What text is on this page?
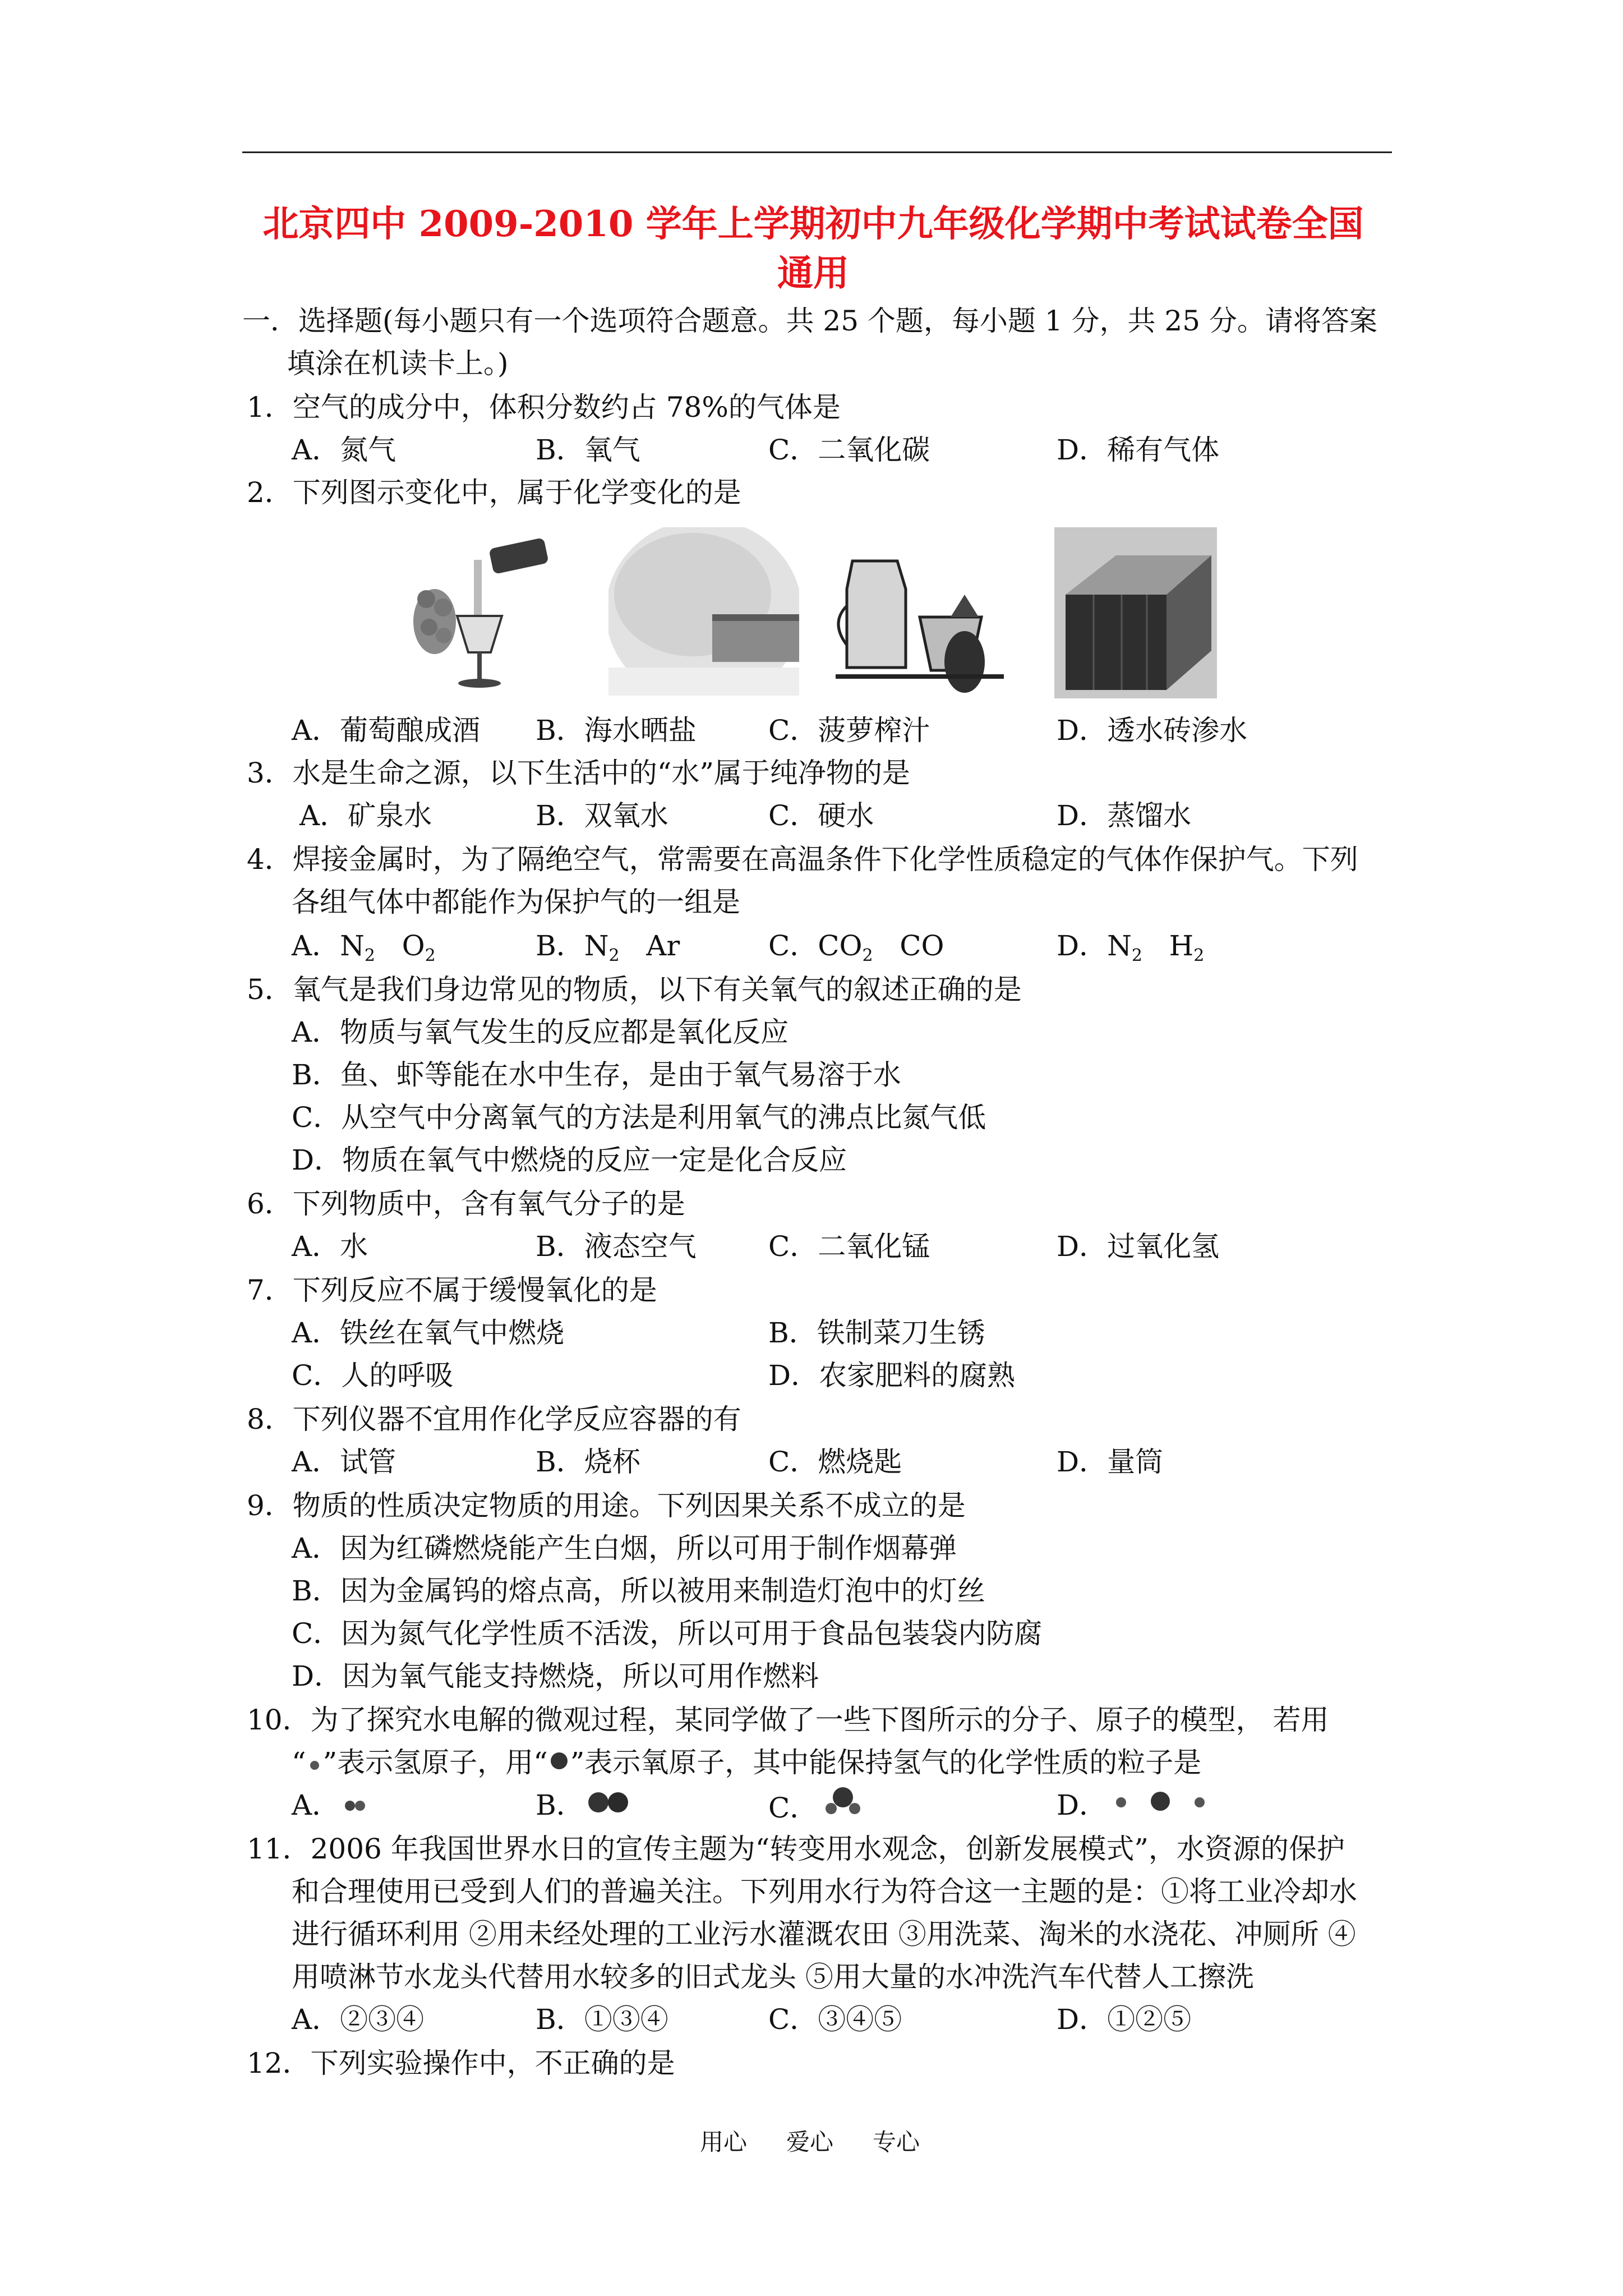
北京四中 2009-2010 学年上学期初中九年级化学期中考试试卷全国
通用
一．选择题(每小题只有一个选项符合题意。共 25 个题，每小题 1 分，共 25 分。请将答案
填涂在机读卡上。)
1．空气的成分中，体积分数约占 78%的气体是
A．氮气	B．氧气	C．二氧化碳	D．稀有气体
2．下列图示变化中，属于化学变化的是
A．葡萄酿成酒 B．海水晒盐	C．菠萝榨汁	D．透水砖渗水
3．水是生命之源，以下生活中的“水”属于纯净物的是
A．矿泉水	B．双氧水	C．硬水	D．蒸馏水
4．焊接金属时，为了隔绝空气，常需要在高温条件下化学性质稳定的气体作保护气。下列
各组气体中都能作为保护气的一组是
A．$N_2$ $O_2$	B．$N_2$ Ar	C．$CO_2$ CO	D．$N_2$ $H_2$
5．氧气是我们身边常见的物质，以下有关氧气的叙述正确的是
A．物质与氧气发生的反应都是氧化反应
B．鱼、虾等能在水中生存，是由于氧气易溶于水
C．从空气中分离氧气的方法是利用氧气的沸点比氮气低
D．物质在氧气中燃烧的反应一定是化合反应
6．下列物质中，含有氧气分子的是
A．水	B．液态空气	C．二氧化锰	D．过氧化氢
7．下列反应不属于缓慢氧化的是
A．铁丝在氧气中燃烧	B．铁制菜刀生锈
C．人的呼吸	D．农家肥料的腐熟
8．下列仪器不宜用作化学反应容器的有
A．试管	B．烧杯	C．燃烧匙	D．量筒
9．物质的性质决定物质的用途。下列因果关系不成立的是
A．因为红磷燃烧能产生白烟，所以可用于制作烟幕弹
B．因为金属钨的熔点高，所以被用来制造灯泡中的灯丝
C．因为氮气化学性质不活泼，所以可用于食品包装袋内防腐
D．因为氧气能支持燃烧，所以可用作燃料
10．为了探究水电解的微观过程，某同学做了一些下图所示的分子、原子的模型， 若用
“ ”表示氢原子，用“ ”表示氧原子，其中能保持氢气的化学性质的粒子是
A．	B．	C．	D．
11．2006 年我国世界水日的宣传主题为“转变用水观念，创新发展模式”，水资源的保护
和合理使用已受到人们的普遍关注。下列用水行为符合这一主题的是：①将工业冷却水
进行循环利用 ②用未经处理的工业污水灌溉农田 ③用洗菜、淘米的水浇花、冲厕所 ④
用喷淋节水龙头代替用水较多的旧式龙头 ⑤用大量的水冲洗汽车代替人工擦洗
A．②③④	B．①③④	C．③④⑤	D．①②⑤
12．下列实验操作中，不正确的是
用心 爱心 专心
